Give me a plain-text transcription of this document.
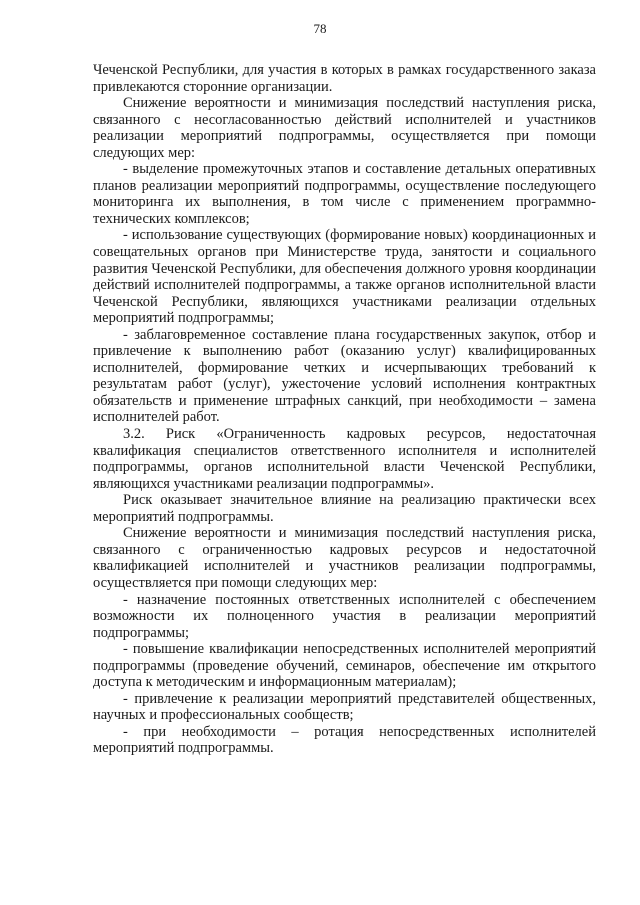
78

Чеченской Республики, для участия в которых в рамках государственного заказа привлекаются сторонние организации.

Снижение вероятности и минимизация последствий наступления риска, связанного с несогласованностью действий исполнителей и участников реализации мероприятий подпрограммы, осуществляется при помощи следующих мер:

- выделение промежуточных этапов и составление детальных оперативных планов реализации мероприятий подпрограммы, осуществление последующего мониторинга их выполнения, в том числе с применением программно-технических комплексов;

- использование существующих (формирование новых) координационных и совещательных органов при Министерстве труда, занятости и социального развития Чеченской Республики, для обеспечения должного уровня координации действий исполнителей подпрограммы, а также органов исполнительной власти Чеченской Республики, являющихся участниками реализации отдельных мероприятий подпрограммы;

- заблаговременное составление плана государственных закупок, отбор и привлечение к выполнению работ (оказанию услуг) квалифицированных исполнителей, формирование четких и исчерпывающих требований к результатам работ (услуг), ужесточение условий исполнения контрактных обязательств и применение штрафных санкций, при необходимости – замена исполнителей работ.

3.2. Риск «Ограниченность кадровых ресурсов, недостаточная квалификация специалистов ответственного исполнителя и исполнителей подпрограммы, органов исполнительной власти Чеченской Республики, являющихся участниками реализации подпрограммы».

Риск оказывает значительное влияние на реализацию практически всех мероприятий подпрограммы.

Снижение вероятности и минимизация последствий наступления риска, связанного с ограниченностью кадровых ресурсов и недостаточной квалификацией исполнителей и участников реализации подпрограммы, осуществляется при помощи следующих мер:

- назначение постоянных ответственных исполнителей с обеспечением возможности их полноценного участия в реализации мероприятий подпрограммы;

- повышение квалификации непосредственных исполнителей мероприятий подпрограммы (проведение обучений, семинаров, обеспечение им открытого доступа к методическим и информационным материалам);

- привлечение к реализации мероприятий представителей общественных, научных и профессиональных сообществ;

- при необходимости – ротация непосредственных исполнителей мероприятий подпрограммы.
